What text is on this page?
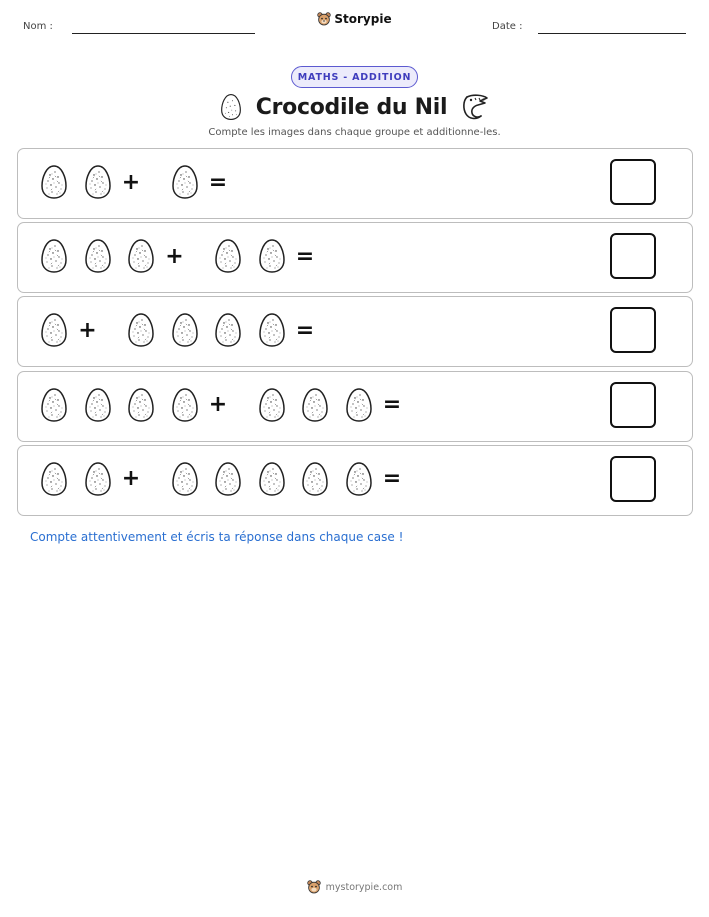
Nom :
Storypie
Date :
MATHS - ADDITION
Crocodile du Nil

Compte les images dans chaque groupe et additionne-les.

+	=
+	=
+	=
+	=
+	=

Compte attentivement et écris ta réponse dans chaque case !

mystorypie.com
